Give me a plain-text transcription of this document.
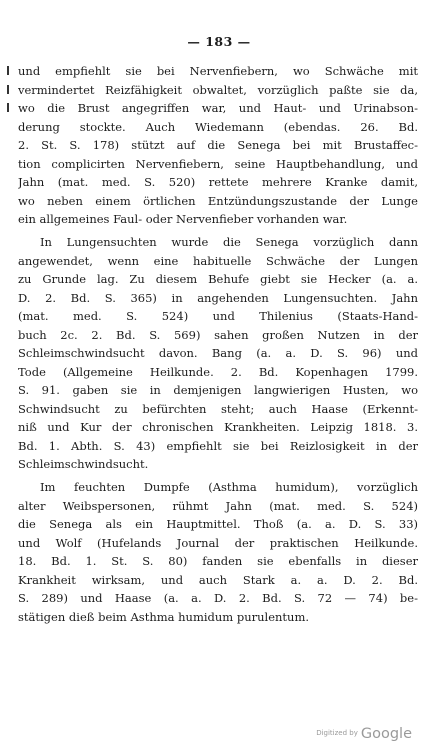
— 183 —
und empfiehlt sie bei Nervenfiebern, wo Schwäche mit
vermindertet Reizfähigkeit obwaltet, vorzüglich paßte sie da,
wo die Brust angegriffen war, und Haut- und Urinabson-
derung stockte. Auch Wiedemann (ebendas. 26. Bd.
2. St. S. 178) stützt auf die Senega bei mit Brustaffec-
tion complicirten Nervenfiebern, seine Hauptbehandlung, und
Jahn (mat. med. S. 520) rettete mehrere Kranke damit,
wo neben einem örtlichen Entzündungszustande der Lunge
ein allgemeines Faul- oder Nervenfieber vorhanden war.
In Lungensuchten wurde die Senega vorzüglich dann
angewendet, wenn eine habituelle Schwäche der Lungen
zu Grunde lag. Zu diesem Behufe giebt sie Hecker (a. a.
D. 2. Bd. S. 365) in angehenden Lungensuchten. Jahn
(mat. med. S. 524) und Thilenius (Staats-Hand-
buch 2c. 2. Bd. S. 569) sahen großen Nutzen in der
Schleimschwindsucht davon. Bang (a. a. D. S. 96) und
Tode (Allgemeine Heilkunde. 2. Bd. Kopenhagen 1799.
S. 91. gaben sie in demjenigen langwierigen Husten, wo
Schwindsucht zu befürchten steht; auch Haase (Erkennt-
niß und Kur der chronischen Krankheiten. Leipzig 1818. 3.
Bd. 1. Abth. S. 43) empfiehlt sie bei Reizlosigkeit in der
Schleimschwindsucht.
Im feuchten Dumpfe (Asthma humidum), vorzüglich
alter Weibspersonen, rühmt Jahn (mat. med. S. 524)
die Senega als ein Hauptmittel. Thoß (a. a. D. S. 33)
und Wolf (Hufelands Journal der praktischen Heilkunde.
18. Bd. 1. St. S. 80) fanden sie ebenfalls in dieser
Krankheit wirksam, und auch Stark a. a. D. 2. Bd.
S. 289) und Haase (a. a. D. 2. Bd. S. 72 — 74) be-
stätigen dieß beim Asthma humidum purulentum.
Digitized by Google
